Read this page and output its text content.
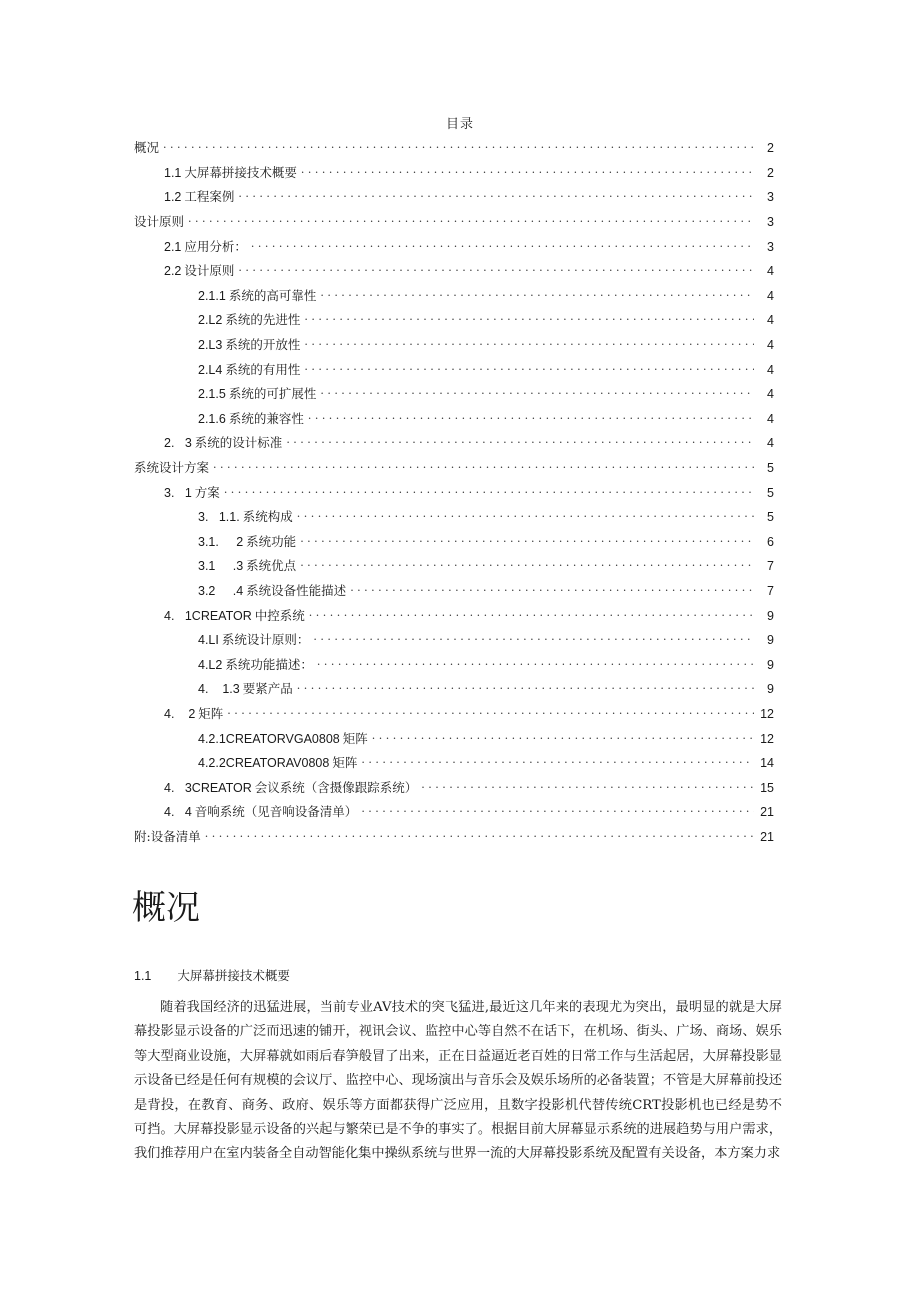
目录
概况 . . .	2
1.1 大屏幕拼接技术概要 . . .	2
1.2 工程案例 . . .	3
设计原则 . . .	3
2.1 应用分析： . . .	3
2.2 设计原则 . . .	4
2.1.1 系统的高可靠性 . . .	4
2.L2 系统的先进性 . . .	4
2.L3 系统的开放性 . . .	4
2.L4 系统的有用性 . . .	4
2.1.5 系统的可扩展性 . . .	4
2.1.6 系统的兼容性 . . .	4
2.   3 系统的设计标准 . . .	4
系统设计方案 . . .	5
3.   1 方案 . . .	5
3.   1.1. 系统构成 . . .	5
3.1.     2 系统功能 . . .	6
3.1     .3 系统优点 . . .	7
3.2     .4 系统设备性能描述 . . .	7
4.   1CREATOR 中控系统 . . .	9
4.LI 系统设计原则： . . .	9
4.L2 系统功能描述： . . .	9
4.    1.3 要紧产品 . . .	9
4.    2 矩阵 . . .	12
4.2.1CREATORVGA0808 矩阵 . . .	12
4.2.2CREATORAV0808 矩阵 . . .	14
4.   3CREATOR 会议系统（含摄像跟踪系统） . . .	15
4.   4 音响系统（见音响设备清单） . . .	21
附:设备清单 . . .	21
概况
1.1 大屏幕拼接技术概要

随着我国经济的迅猛进展，当前专业AV技术的突飞猛进,最近这几年来的表现尤为突出，最明显的就是大屏幕投影显示设备的广泛而迅速的铺开，视讯会议、监控中心等自然不在话下，在机场、街头、广场、商场、娱乐等大型商业设施，大屏幕就如雨后春笋般冒了出来，正在日益逼近老百姓的日常工作与生活起居，大屏幕投影显示设备已经是任何有规模的会议厅、监控中心、现场演出与音乐会及娱乐场所的必备装置；不管是大屏幕前投还是背投，在教育、商务、政府、娱乐等方面都获得广泛应用，且数字投影机代替传统CRT投影机也已经是势不可挡。大屏幕投影显示设备的兴起与繁荣已是不争的事实了。根据目前大屏幕显示系统的进展趋势与用户需求，我们推荐用户在室内装备全自动智能化集中操纵系统与世界一流的大屏幕投影系统及配置有关设备，本方案力求
